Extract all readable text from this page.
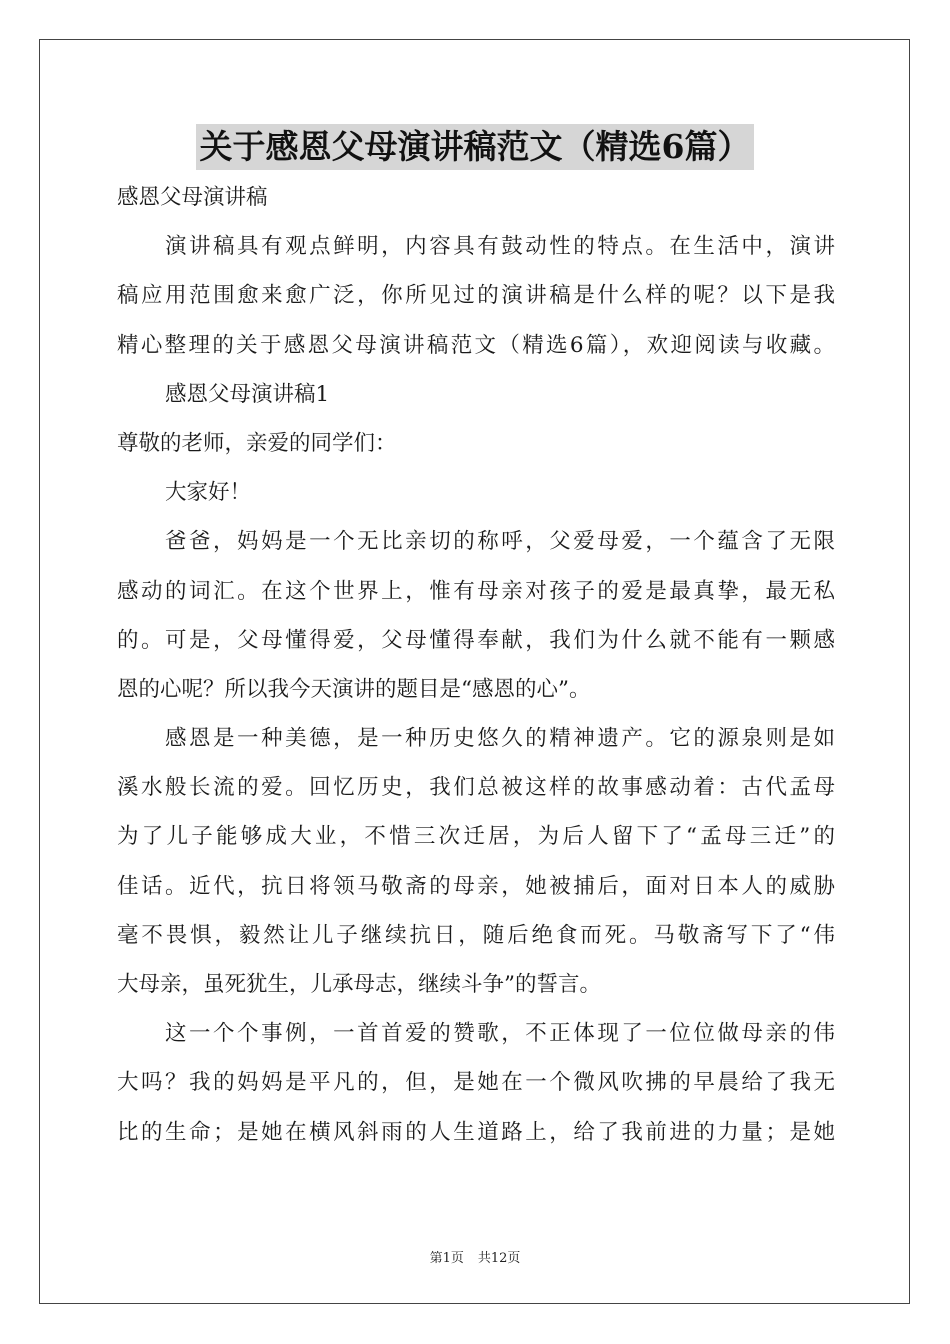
关于感恩父母演讲稿范文（精选6篇）
感恩父母演讲稿
演讲稿具有观点鲜明，内容具有鼓动性的特点。在生活中，演讲
稿应用范围愈来愈广泛，你所见过的演讲稿是什么样的呢？以下是我
精心整理的关于感恩父母演讲稿范文（精选6篇），欢迎阅读与收藏。
感恩父母演讲稿1
尊敬的老师，亲爱的同学们：
大家好！
爸爸，妈妈是一个无比亲切的称呼，父爱母爱，一个蕴含了无限
感动的词汇。在这个世界上，惟有母亲对孩子的爱是最真挚，最无私
的。可是，父母懂得爱，父母懂得奉献，我们为什么就不能有一颗感
恩的心呢？所以我今天演讲的题目是“感恩的心”。
感恩是一种美德，是一种历史悠久的精神遗产。它的源泉则是如
溪水般长流的爱。回忆历史，我们总被这样的故事感动着：古代孟母
为了儿子能够成大业，不惜三次迁居，为后人留下了“孟母三迁”的
佳话。近代，抗日将领马敬斋的母亲，她被捕后，面对日本人的威胁
毫不畏惧，毅然让儿子继续抗日，随后绝食而死。马敬斋写下了“伟
大母亲，虽死犹生，儿承母志，继续斗争”的誓言。
这一个个事例，一首首爱的赞歌，不正体现了一位位做母亲的伟
大吗？我的妈妈是平凡的，但，是她在一个微风吹拂的早晨给了我无
比的生命；是她在横风斜雨的人生道路上，给了我前进的力量；是她
第1页 共12页
